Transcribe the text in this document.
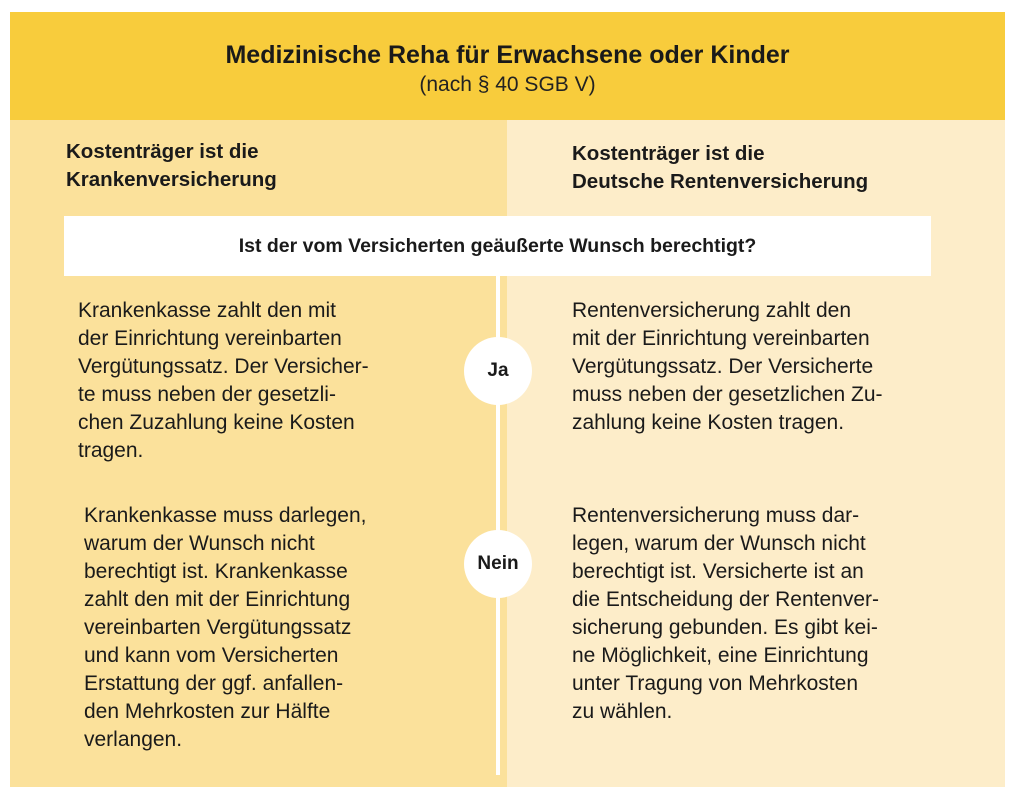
Medizinische Reha für Erwachsene oder Kinder
(nach § 40 SGB V)
Kostenträger ist die
Krankenversicherung
Kostenträger ist die
Deutsche Rentenversicherung
Ist der vom Versicherten geäußerte Wunsch berechtigt?
Krankenkasse zahlt den mit
der Einrichtung vereinbarten
Vergütungssatz. Der Versicher-
te muss neben der gesetzli-
chen Zuzahlung keine Kosten
tragen.
Rentenversicherung zahlt den
mit der Einrichtung vereinbarten
Vergütungssatz. Der Versicherte
muss neben der gesetzlichen Zu-
zahlung keine Kosten tragen.
Krankenkasse muss darlegen,
warum der Wunsch nicht
berechtigt ist. Krankenkasse
zahlt den mit der Einrichtung
vereinbarten Vergütungssatz
und kann vom Versicherten
Erstattung der ggf. anfallen-
den Mehrkosten zur Hälfte
verlangen.
Rentenversicherung muss dar-
legen, warum der Wunsch nicht
berechtigt ist. Versicherte ist an
die Entscheidung der Rentenver-
sicherung gebunden. Es gibt kei-
ne Möglichkeit, eine Einrichtung
unter Tragung von Mehrkosten
zu wählen.
Ja
Nein
